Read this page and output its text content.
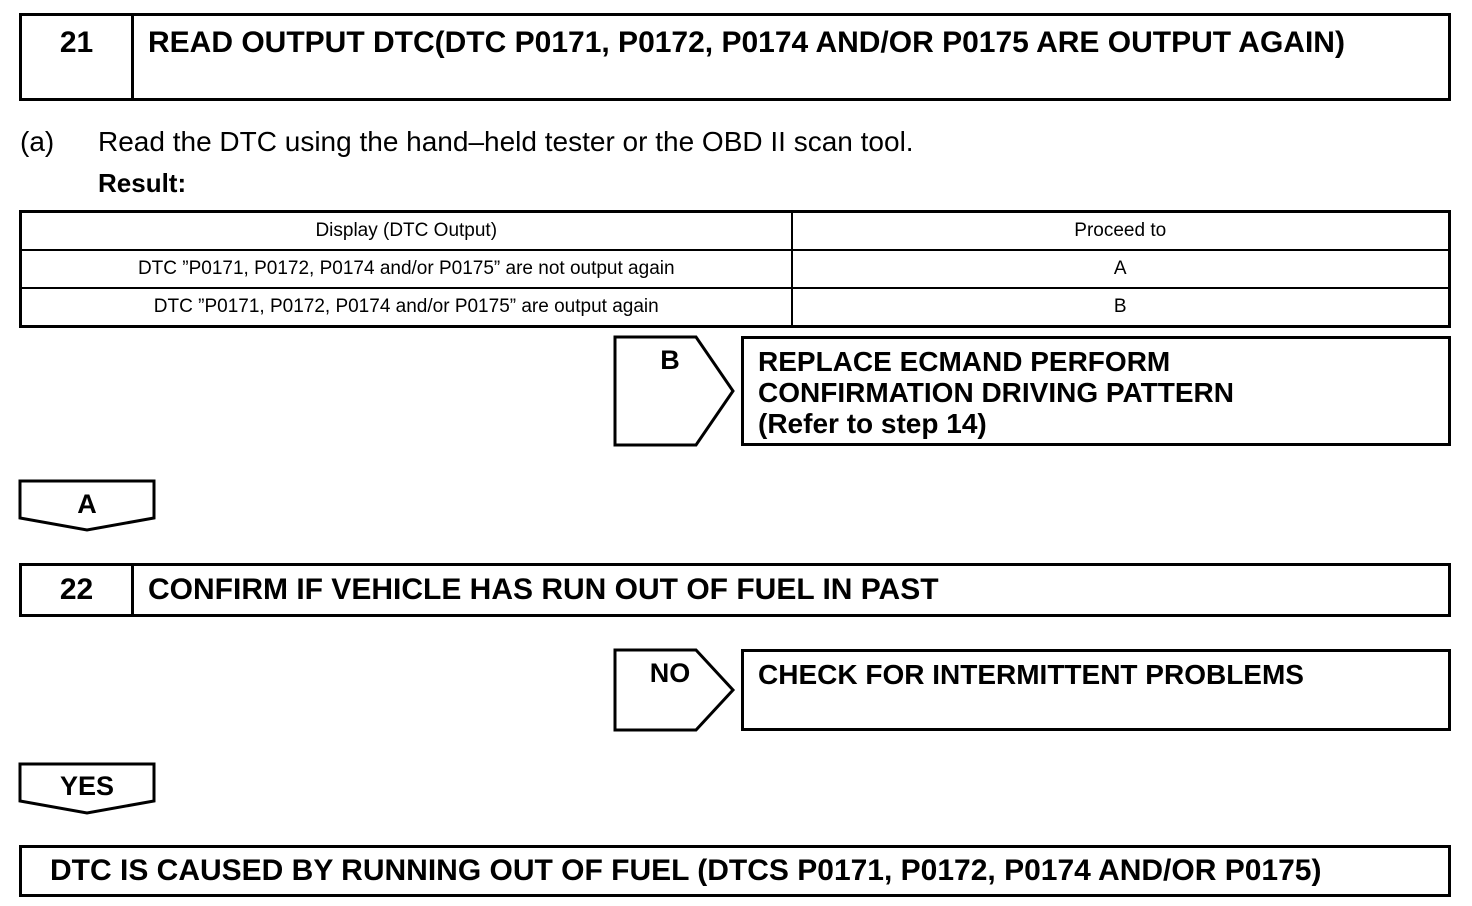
21	READ OUTPUT DTC(DTC P0171, P0172, P0174 AND/OR P0175 ARE OUTPUT AGAIN)
(a) Read the DTC using the hand–held tester or the OBD II scan tool.
Result:
Display (DTC Output)	Proceed to
DTC ”P0171, P0172, P0174 and/or P0175” are not output again	A
DTC ”P0171, P0172, P0174 and/or P0175” are output again	B
B	REPLACE ECMAND PERFORM
CONFIRMATION DRIVING PATTERN
(Refer to step 14)
A
22	CONFIRM IF VEHICLE HAS RUN OUT OF FUEL IN PAST
NO	CHECK FOR INTERMITTENT PROBLEMS
YES
DTC IS CAUSED BY RUNNING OUT OF FUEL (DTCS P0171, P0172, P0174 AND/OR P0175)
